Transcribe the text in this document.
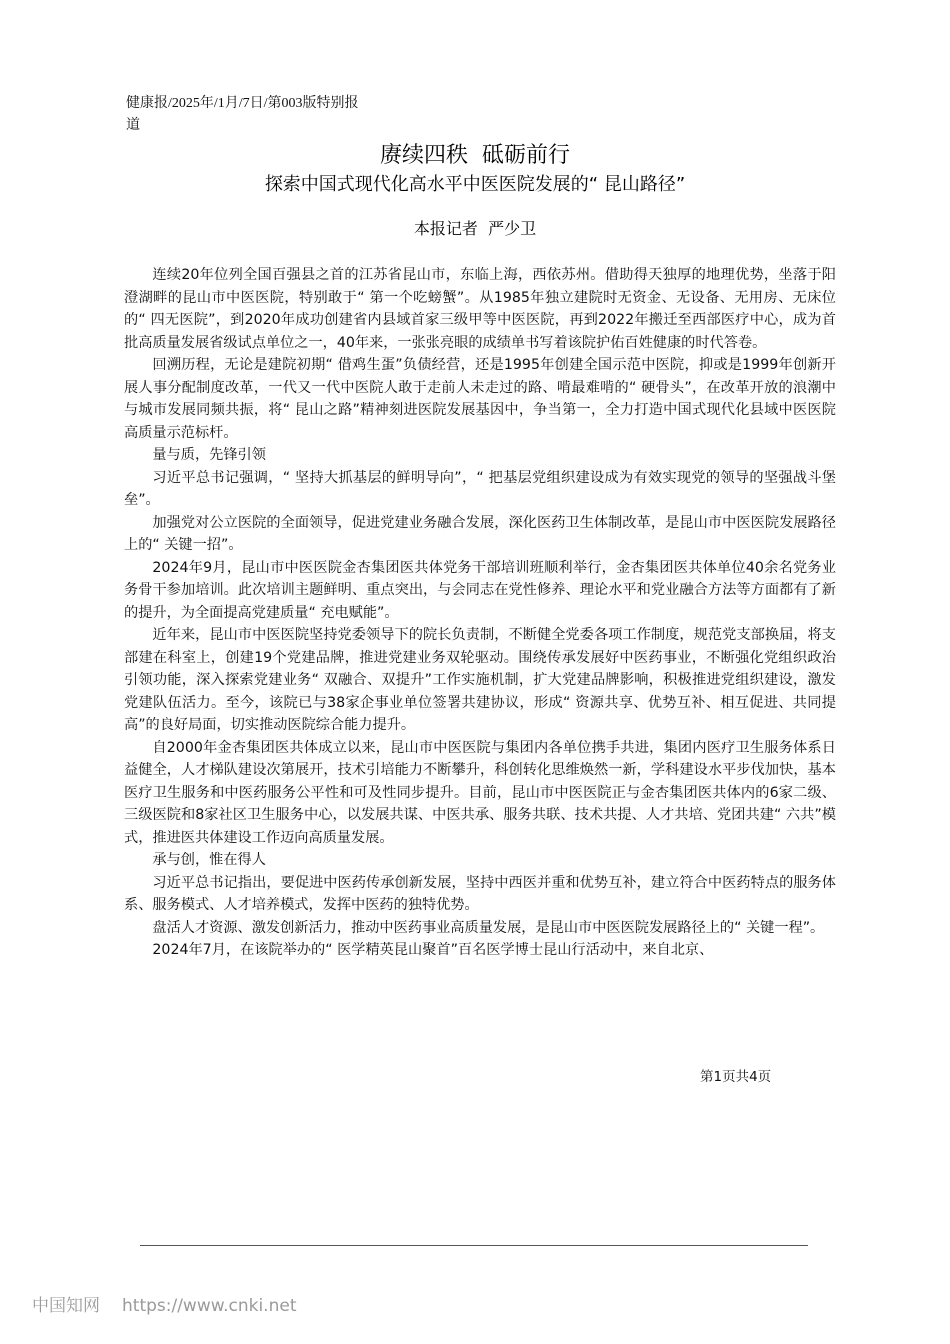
健康报/2025年/1月/7日/第003版特别报道
赓续四秩  砥砺前行
探索中国式现代化高水平中医医院发展的“ 昆山路径”
本报记者  严少卫

连续20年位列全国百强县之首的江苏省昆山市，东临上海，西依苏州。借助得天独厚的地理优势，坐落于阳澄湖畔的昆山市中医医院，特别敢于“ 第一个吃螃蟹”。从1985年独立建院时无资金、无设备、无用房、无床位的“ 四无医院”，到2020年成功创建省内县域首家三级甲等中医医院，再到2022年搬迁至西部医疗中心，成为首批高质量发展省级试点单位之一，40年来，一张张亮眼的成绩单书写着该院护佑百姓健康的时代答卷。

回溯历程，无论是建院初期“ 借鸡生蛋”负债经营，还是1995年创建全国示范中医院，抑或是1999年创新开展人事分配制度改革，一代又一代中医院人敢于走前人未走过的路、啃最难啃的“ 硬骨头”，在改革开放的浪潮中与城市发展同频共振，将“ 昆山之路”精神刻进医院发展基因中，争当第一，全力打造中国式现代化县域中医医院高质量示范标杆。

量与质，先锋引领

习近平总书记强调，“ 坚持大抓基层的鲜明导向”，“ 把基层党组织建设成为有效实现党的领导的坚强战斗堡垒”。

加强党对公立医院的全面领导，促进党建业务融合发展，深化医药卫生体制改革，是昆山市中医医院发展路径上的“ 关键一招”。

2024年9月，昆山市中医医院金杏集团医共体党务干部培训班顺利举行，金杏集团医共体单位40余名党务业务骨干参加培训。此次培训主题鲜明、重点突出，与会同志在党性修养、理论水平和党业融合方法等方面都有了新的提升，为全面提高党建质量“ 充电赋能”。

近年来，昆山市中医医院坚持党委领导下的院长负责制，不断健全党委各项工作制度，规范党支部换届，将支部建在科室上，创建19个党建品牌，推进党建业务双轮驱动。围绕传承发展好中医药事业，不断强化党组织政治引领功能，深入探索党建业务“ 双融合、双提升”工作实施机制，扩大党建品牌影响，积极推进党组织建设，激发党建队伍活力。至今，该院已与38家企事业单位签署共建协议，形成“ 资源共享、优势互补、相互促进、共同提高”的良好局面，切实推动医院综合能力提升。

自2000年金杏集团医共体成立以来，昆山市中医医院与集团内各单位携手共进，集团内医疗卫生服务体系日益健全，人才梯队建设次第展开，技术引培能力不断攀升，科创转化思维焕然一新，学科建设水平步伐加快，基本医疗卫生服务和中医药服务公平性和可及性同步提升。目前，昆山市中医医院正与金杏集团医共体内的6家二级、三级医院和8家社区卫生服务中心，以发展共谋、中医共承、服务共联、技术共提、人才共培、党团共建“ 六共”模式，推进医共体建设工作迈向高质量发展。

承与创，惟在得人

习近平总书记指出，要促进中医药传承创新发展，坚持中西医并重和优势互补，建立符合中医药特点的服务体系、服务模式、人才培养模式，发挥中医药的独特优势。

盘活人才资源、激发创新活力，推动中医药事业高质量发展，是昆山市中医医院发展路径上的“ 关键一程”。

2024年7月，在该院举办的“ 医学精英昆山聚首”百名医学博士昆山行活动中，来自北京、

第1页共4页
中国知网 https://www.cnki.net
